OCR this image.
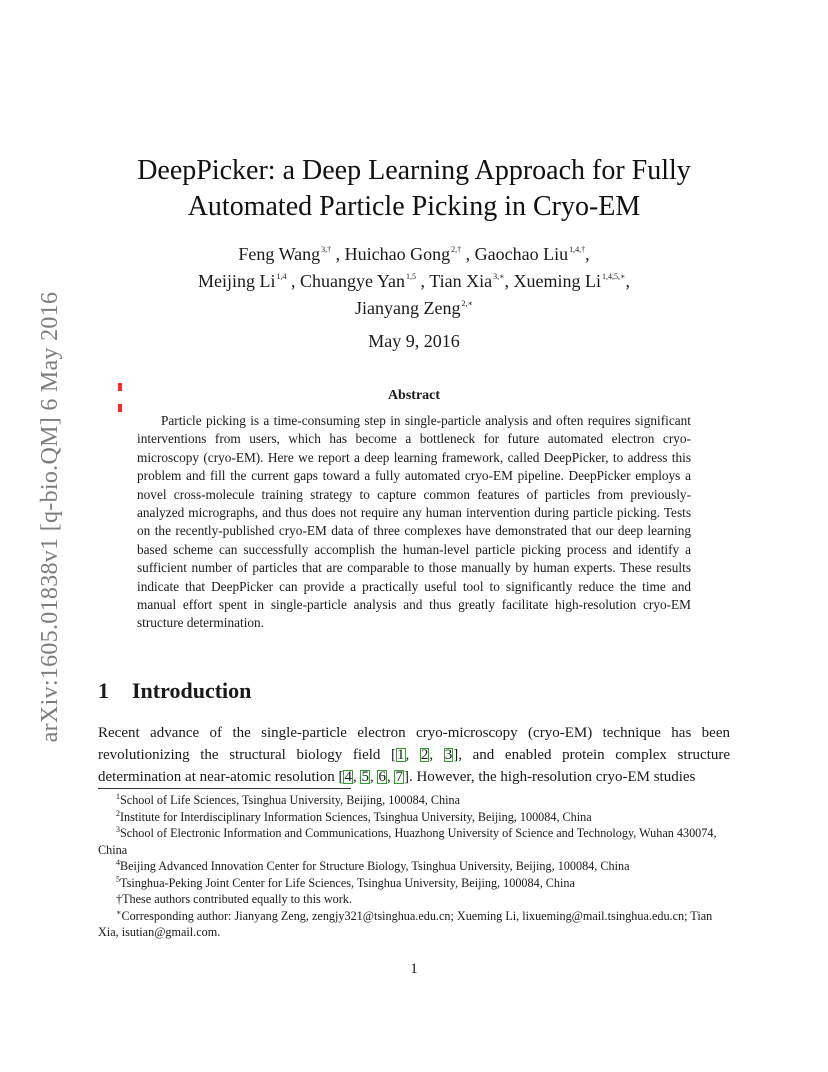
arXiv:1605.01838v1 [q-bio.QM] 6 May 2016
DeepPicker: a Deep Learning Approach for Fully
Automated Particle Picking in Cryo-EM
Feng Wang$^{3,\dagger}$ , Huichao Gong$^{2,\dagger}$ , Gaochao Liu$^{1,4,\dagger}$,
Meijing Li$^{1,4}$ , Chuangye Yan$^{1,5}$ , Tian Xia$^{3,∗}$, Xueming $Li^{1,4,5,∗}$,
Jianyang Zeng$^{2,∗}$
May 9, 2016
Abstract

Particle picking is a time-consuming step in single-particle analysis and often requires significant interventions from users, which has become a bottleneck for future automated electron cryo-microscopy (cryo-EM). Here we report a deep learning framework, called DeepPicker, to address this problem and fill the current gaps toward a fully automated cryo-EM pipeline. DeepPicker employs a novel cross-molecule training strategy to capture common features of particles from previously-analyzed micrographs, and thus does not require any human intervention during particle picking. Tests on the recently-published cryo-EM data of three complexes have demonstrated that our deep learning based scheme can successfully accomplish the human-level particle picking process and identify a sufficient number of particles that are comparable to those manually by human experts. These results indicate that DeepPicker can provide a practically useful tool to significantly reduce the time and manual effort spent in single-particle analysis and thus greatly facilitate high-resolution cryo-EM structure determination.

1 Introduction

Recent advance of the single-particle electron cryo-microscopy (cryo-EM) technique has been revolutionizing the structural biology field [1, 2, 3], and enabled protein complex structure determination at near-atomic resolution [4, 5, 6, 7]. However, the high-resolution cryo-EM studies

$^1$School of Life Sciences, Tsinghua University, Beijing, 100084, China

$^2$Institute for Interdisciplinary Information Sciences, Tsinghua University, Beijing, 100084, China

$^3$School of Electronic Information and Communications, Huazhong University of Science and Technology, Wuhan 430074, China

$^4$Beijing Advanced Innovation Center for Structure Biology, Tsinghua University, Beijing, 100084, China

$^5$Tsinghua-Peking Joint Center for Life Sciences, Tsinghua University, Beijing, 100084, China

†These authors contributed equally to this work.

∗Corresponding author: Jianyang Zeng, zengjy321@tsinghua.edu.cn; Xueming Li, lixueming@mail.tsinghua.edu.cn; Tian Xia, isutian@gmail.com.

1
